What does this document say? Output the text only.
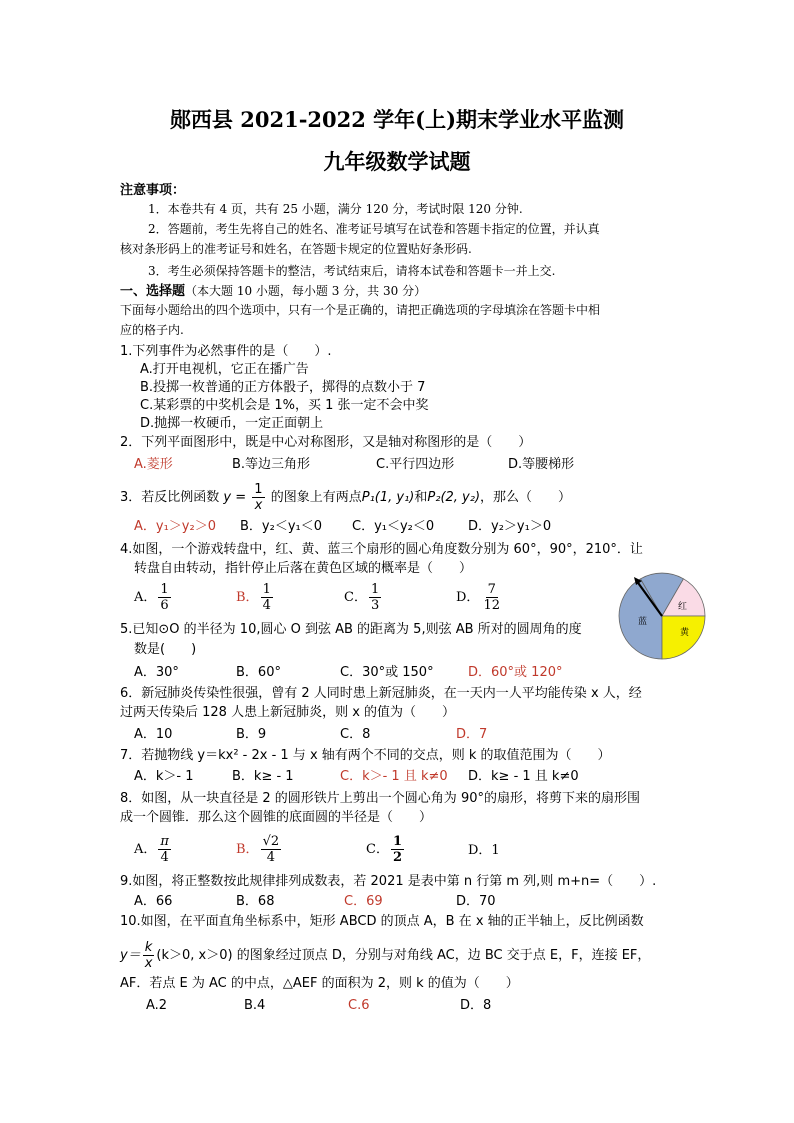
郧西县 2021-2022 学年(上)期末学业水平监测
九年级数学试题
注意事项：
1．本卷共有 4 页，共有 25 小题，满分 120 分，考试时限 120 分钟.
2．答题前，考生先将自己的姓名、准考证号填写在试卷和答题卡指定的位置，并认真
核对条形码上的准考证号和姓名，在答题卡规定的位置贴好条形码.
3．考生必须保持答题卡的整洁，考试结束后，请将本试卷和答题卡一并上交.
一、选择题（本大题 10 小题，每小题 3 分，共 30 分）
下面每小题给出的四个选项中，只有一个是正确的，请把正确选项的字母填涂在答题卡中相
应的格子内.
1.下列事件为必然事件的是（　　）.
A.打开电视机，它正在播广告
B.投掷一枚普通的正方体骰子，掷得的点数小于 7
C.某彩票的中奖机会是 1%，买 1 张一定不会中奖
D.抛掷一枚硬币，一定正面朝上
2．下列平面图形中，既是中心对称图形，又是轴对称图形的是（　　）
A.菱形	B.等边三角形	C.平行四边形	D.等腰梯形
3．若反比例函数 $y = \frac{1}{x}$ 的图象上有两点P₁(1, y₁)和P₂(2, y₂)，那么（　　）
A．y₁＞y₂＞0 B．y₂＜y₁＜0 C．y₁＜y₂＜0	D．y₂＞y₁＞0
4.如图，一个游戏转盘中，红、黄、蓝三个扇形的圆心角度数分别为 60°，90°，210°．让
转盘自由转动，指针停止后落在黄色区域的概率是（　　）
A． $\frac{1}{6}$	B． $\frac{1}{4}$	C． $\frac{1}{3}$	D． $\frac{7}{12}$	红
黄
蓝
5.已知⊙O 的半径为 10,圆心 O 到弦 AB 的距离为 5,则弦 AB 所对的圆周角的度
数是(　　)
A．30°	B．60°	C．30°或 150°	D．60°或 120°
6．新冠肺炎传染性很强，曾有 2 人同时患上新冠肺炎，在一天内一人平均能传染 x 人，经
过两天传染后 128 人患上新冠肺炎，则 x 的值为（　　）
A．10	B．9	C．8	D．7
7．若抛物线 y＝kx² - 2x - 1 与 x 轴有两个不同的交点，则 k 的取值范围为（　　）
A．k＞- 1	B．k≥ - 1	C．k＞- 1 且 k≠0 D．k≥ - 1 且 k≠0
8．如图，从一块直径是 2 的圆形铁片上剪出一个圆心角为 90°的扇形，将剪下来的扇形围
成一个圆锥．那么这个圆锥的底面圆的半径是（　　）
A． $\frac{\pi}{4}$	B． $\frac{√2}{4}$	C． $\frac{1}{2}$	D．1
9.如图，将正整数按此规律排列成数表，若 2021 是表中第 n 行第 m 列,则 m+n=（　　）.
A．66	B．68	C．69	D．70
10.如图，在平面直角坐标系中，矩形 ABCD 的顶点 A，B 在 x 轴的正半轴上，反比例函数
$y= \frac{k}{x} (k>0$, x＞0) 的图象经过顶点 D，分别与对角线 AC，边 BC 交于点 E，F，连接 EF，
AF．若点 E 为 AC 的中点，△AEF 的面积为 2，则 k 的值为（　　）
A.2	B.4	C.6	D．8
